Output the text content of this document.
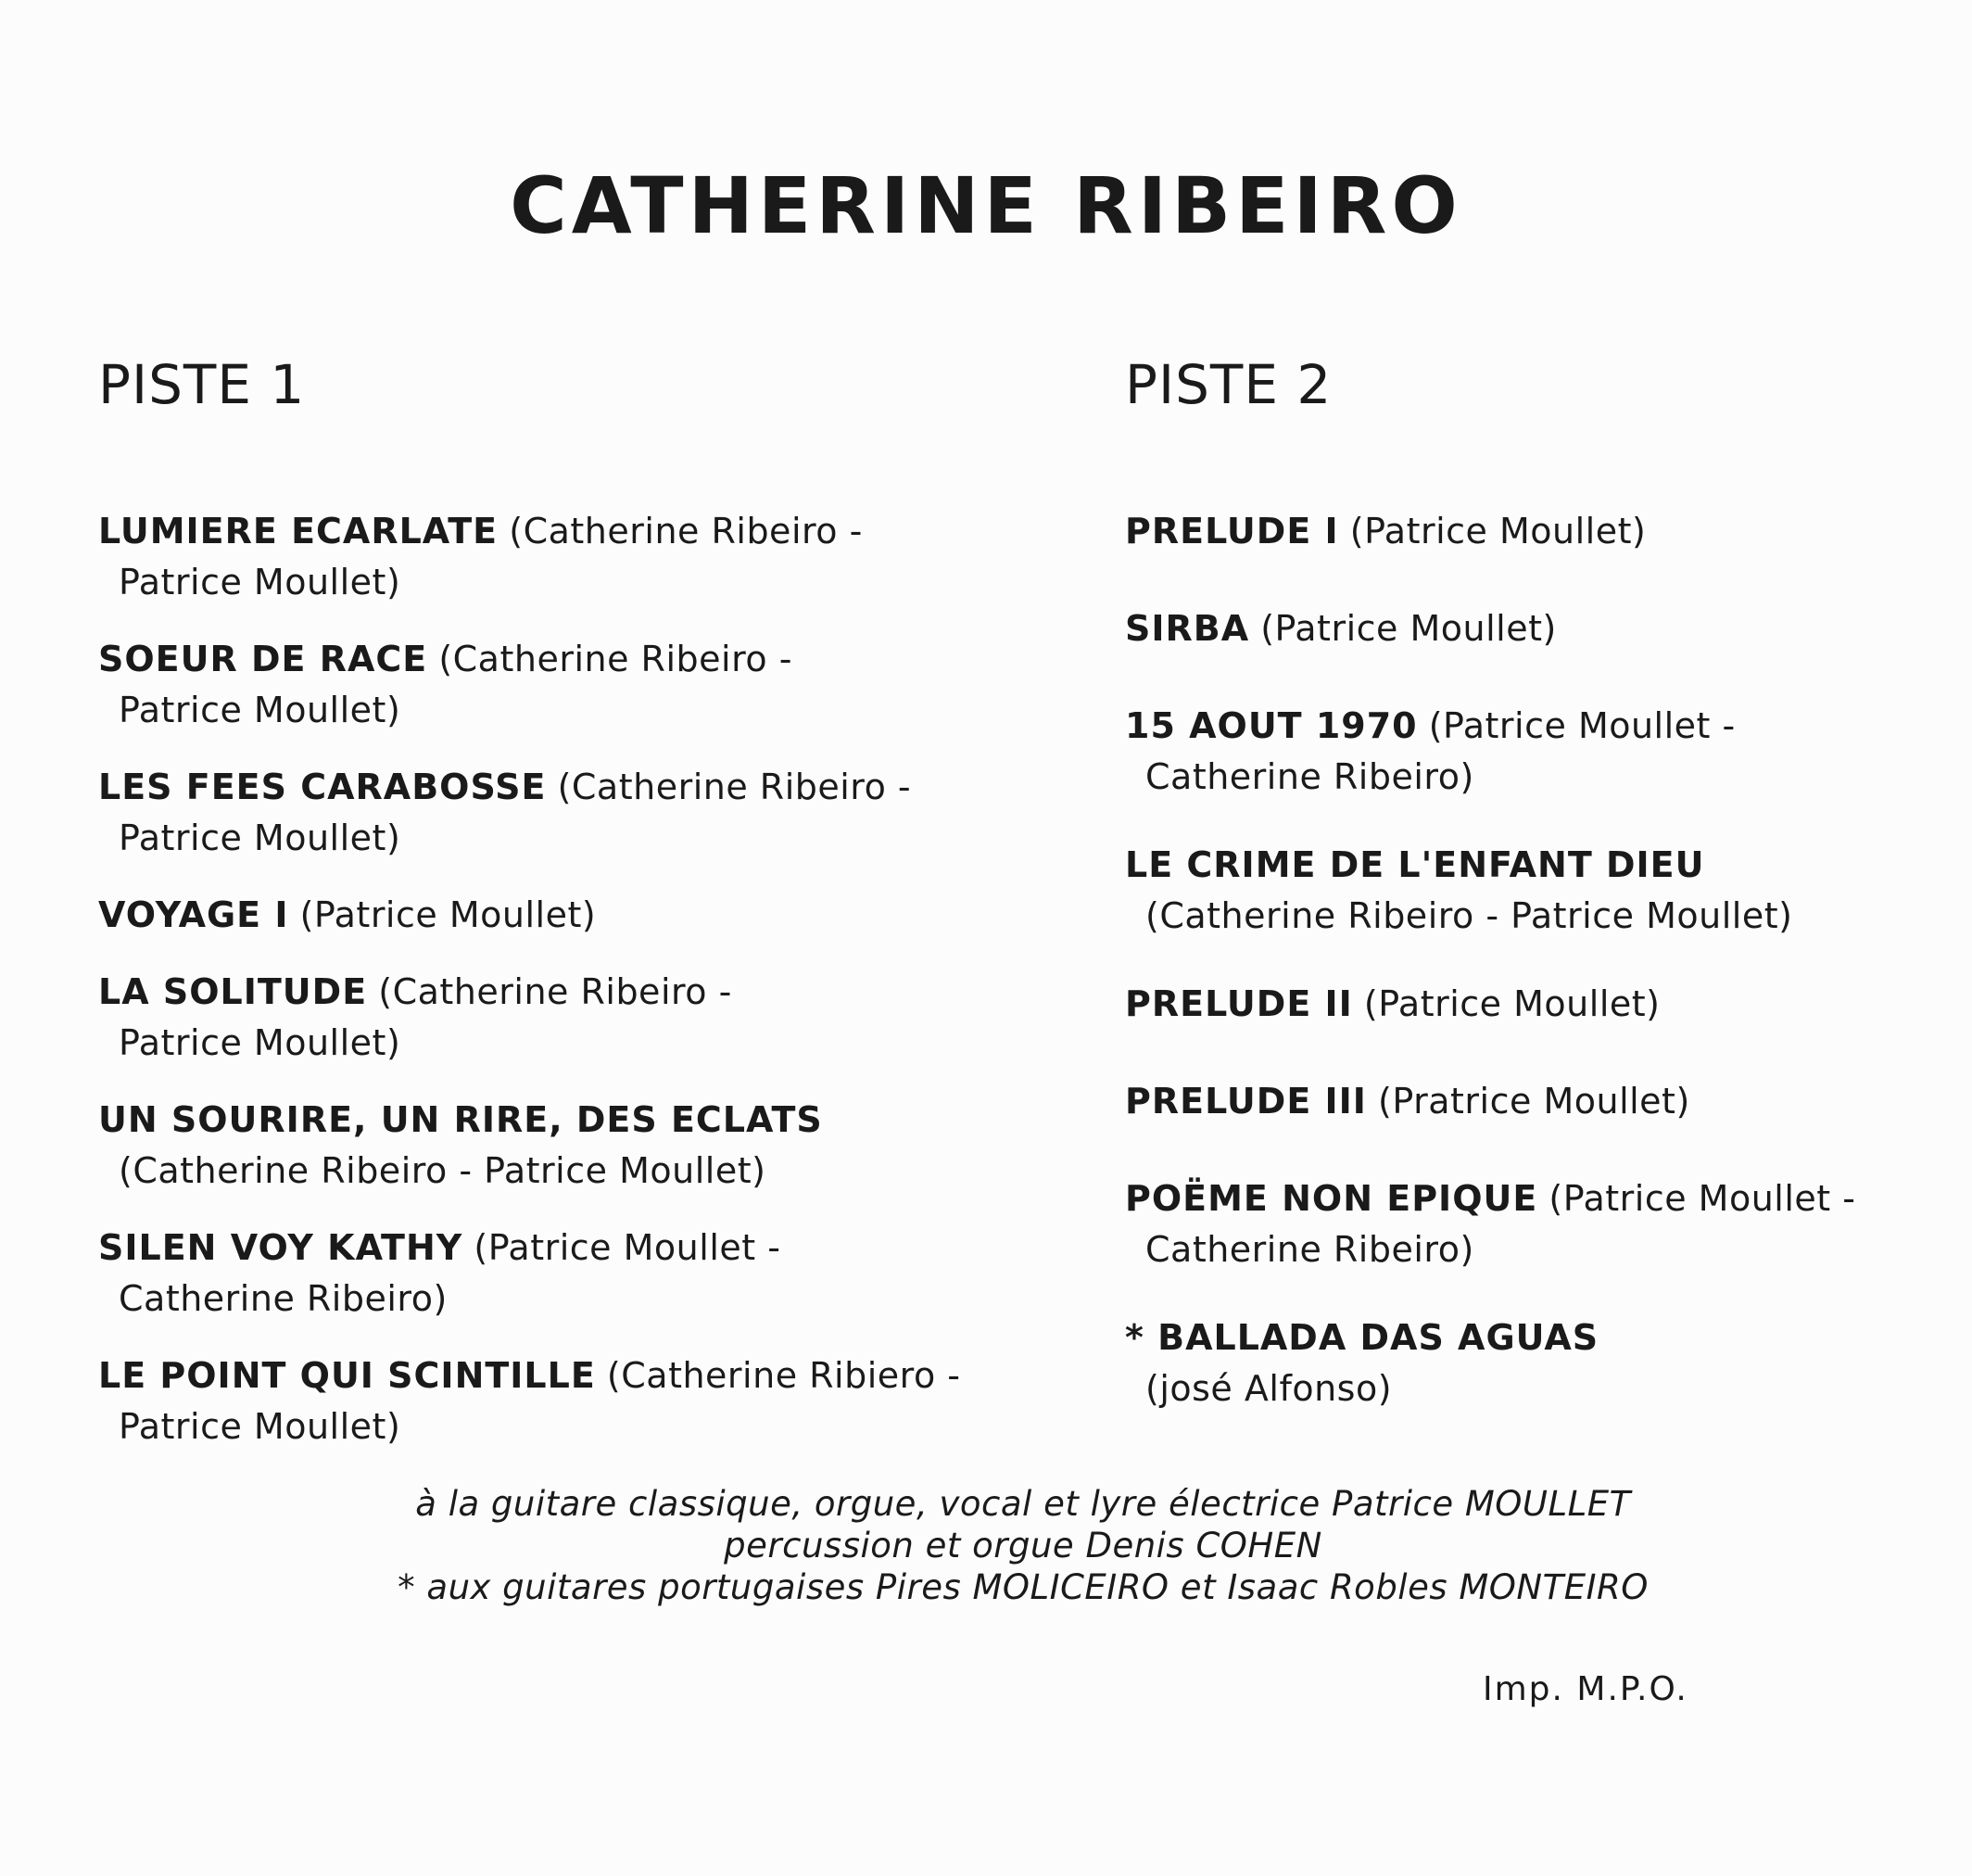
CATHERINE RIBEIRO
PISTE 1
LUMIERE ECARLATE (Catherine Ribeiro -
Patrice Moullet)
SOEUR DE RACE (Catherine Ribeiro -
Patrice Moullet)
LES FEES CARABOSSE (Catherine Ribeiro -
Patrice Moullet)
VOYAGE I (Patrice Moullet)
LA SOLITUDE (Catherine Ribeiro -
Patrice Moullet)
UN SOURIRE, UN RIRE, DES ECLATS
(Catherine Ribeiro - Patrice Moullet)
SILEN VOY KATHY (Patrice Moullet -
Catherine Ribeiro)
LE POINT QUI SCINTILLE (Catherine Ribiero -
Patrice Moullet)
PISTE 2
PRELUDE I (Patrice Moullet)
SIRBA (Patrice Moullet)
15 AOUT 1970 (Patrice Moullet -
Catherine Ribeiro)
LE CRIME DE L'ENFANT DIEU
(Catherine Ribeiro - Patrice Moullet)
PRELUDE II (Patrice Moullet)
PRELUDE III (Pratrice Moullet)
POËME NON EPIQUE (Patrice Moullet -
Catherine Ribeiro)
* BALLADA DAS AGUAS
(josé Alfonso)
à la guitare classique, orgue, vocal et lyre électrice Patrice MOULLET
percussion et orgue Denis COHEN
* aux guitares portugaises Pires MOLICEIRO et Isaac Robles MONTEIRO
Imp. M.P.O.
